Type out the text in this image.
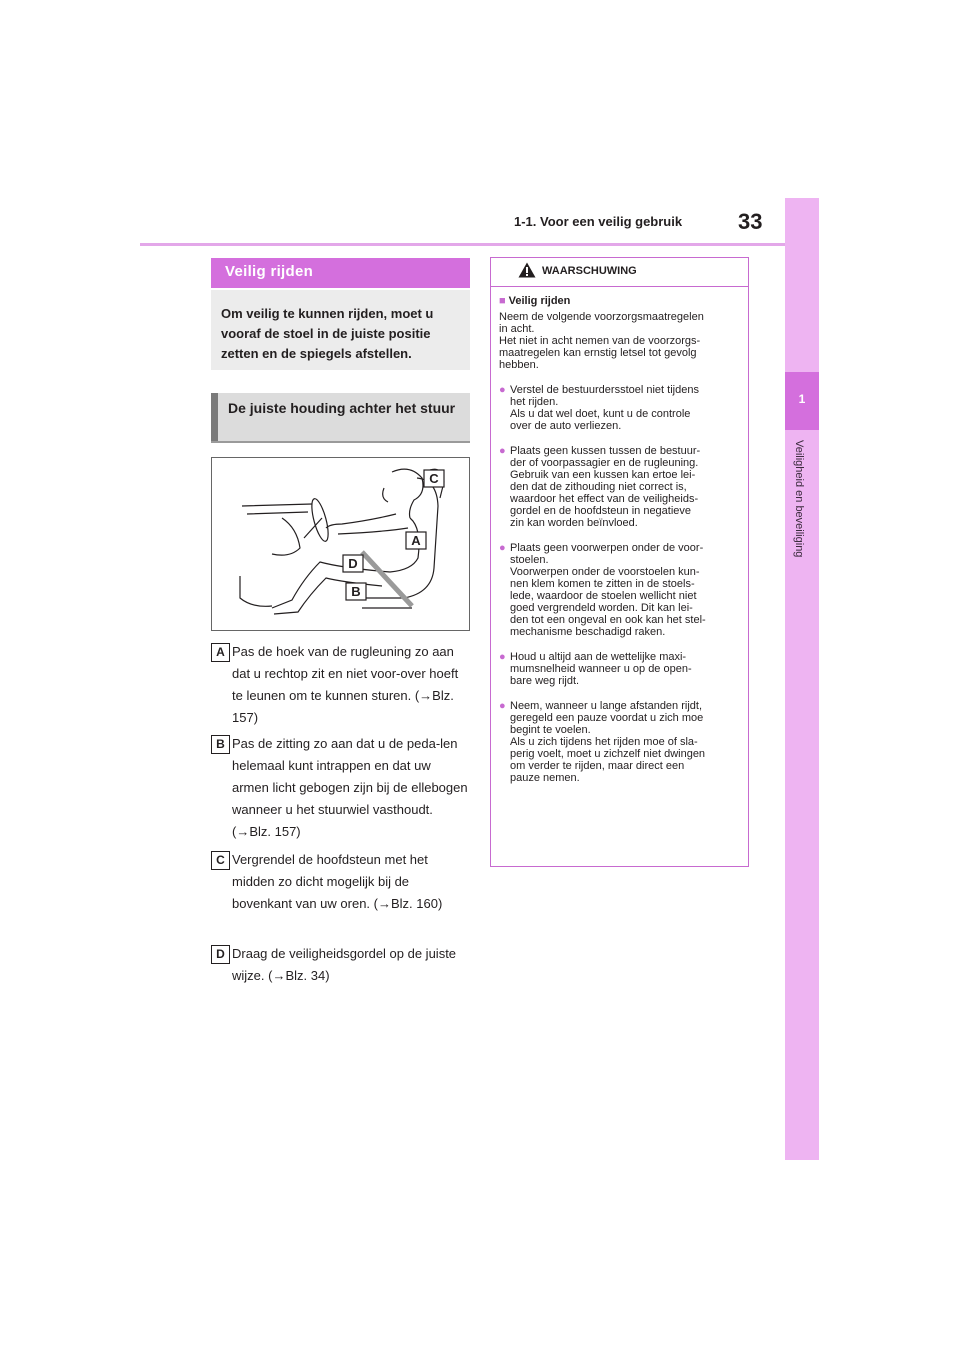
1-1. Voor een veilig gebruik	33
1
Veiligheid en beveiliging
Veilig rijden

Om veilig te kunnen rijden, moet u vooraf de stoel in de juiste positie zetten en de spiegels afstellen.

De juiste houding achter het stuur

C
A
D
B
A Pas de hoek van de rugleuning zo aan dat u rechtop zit en niet voor-over hoeft te leunen om te kunnen sturen. (→Blz. 157)
B Pas de zitting zo aan dat u de peda-len helemaal kunt intrappen en dat uw armen licht gebogen zijn bij de ellebogen wanneer u het stuurwiel vasthoudt. (→Blz. 157)
C Vergrendel de hoofdsteun met het midden zo dicht mogelijk bij de bovenkant van uw oren. (→Blz. 160)
D Draag de veiligheidsgordel op de juiste wijze. (→Blz. 34)
WAARSCHUWING
■ Veilig rijden
Neem de volgende voorzorgsmaatregelen
in acht.
Het niet in acht nemen van de voorzorgs-
maatregelen kan ernstig letsel tot gevolg
hebben.
● Verstel de bestuurdersstoel niet tijdens
het rijden.
Als u dat wel doet, kunt u de controle
over de auto verliezen.
● Plaats geen kussen tussen de bestuur-
der of voorpassagier en de rugleuning.
Gebruik van een kussen kan ertoe lei-
den dat de zithouding niet correct is,
waardoor het effect van de veiligheids-
gordel en de hoofdsteun in negatieve
zin kan worden beïnvloed.
● Plaats geen voorwerpen onder de voor-
stoelen.
Voorwerpen onder de voorstoelen kun-
nen klem komen te zitten in de stoels-
lede, waardoor de stoelen wellicht niet
goed vergrendeld worden. Dit kan lei-
den tot een ongeval en ook kan het stel-
mechanisme beschadigd raken.
● Houd u altijd aan de wettelijke maxi-
mumsnelheid wanneer u op de open-
bare weg rijdt.
● Neem, wanneer u lange afstanden rijdt,
geregeld een pauze voordat u zich moe
begint te voelen.
Als u zich tijdens het rijden moe of sla-
perig voelt, moet u zichzelf niet dwingen
om verder te rijden, maar direct een
pauze nemen.
